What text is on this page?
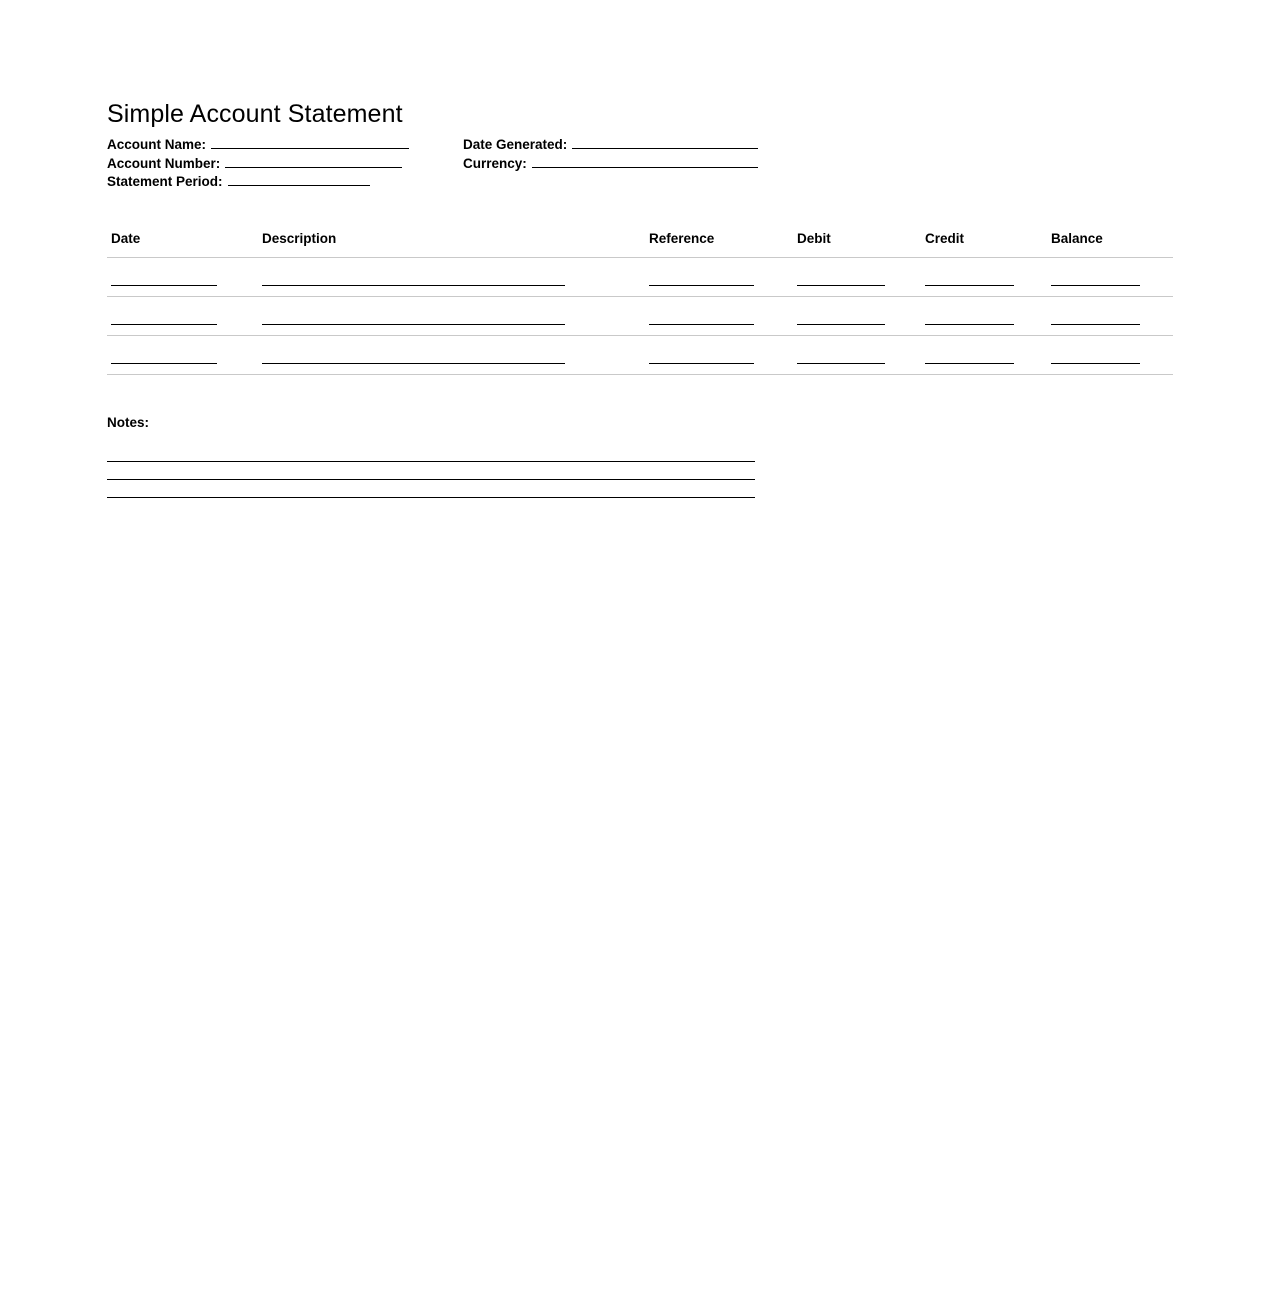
Simple Account Statement
Account Name:
Account Number:
Statement Period:
Date Generated:
Currency:
Date	Description	Reference	Debit	Credit	Balance

Notes:
